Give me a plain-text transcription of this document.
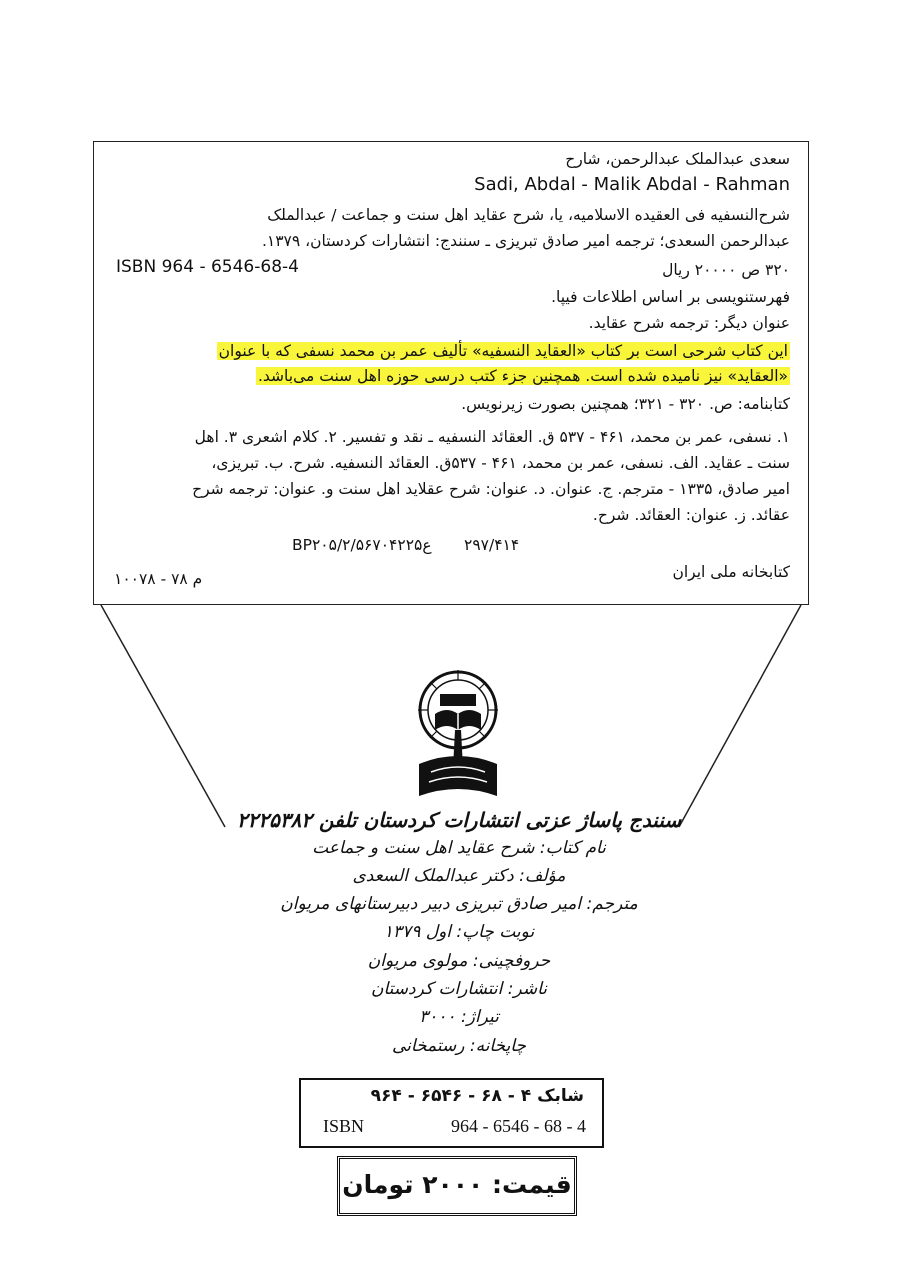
سعدی عبدالملک عبدالرحمن، شارح
Sadi, Abdal - Malik Abdal - Rahman
شرح‌النسفیه فی العقیده الاسلامیه، یا، شرح عقاید اهل سنت و جماعت / عبدالملک
عبدالرحمن السعدی؛ ترجمه امیر صادق تبریزی ـ سنندج: انتشارات کردستان، ۱۳۷۹.
ISBN 964 - 6546-68-4	۳۲۰ ص ۲۰۰۰۰ ریال
فهرستنویسی بر اساس اطلاعات فیپا.
عنوان دیگر: ترجمه شرح عقاید.
این کتاب شرحی است بر کتاب «العقاید النسفیه» تألیف عمر بن محمد نسفی که با عنوان
«العقاید» نیز نامیده شده است. همچنین جزء کتب درسی حوزه اهل سنت می‌باشد.
کتابنامه: ص. ۳۲۰ - ۳۲۱؛ همچنین بصورت زیرنویس.
۱. نسفی، عمر بن محمد، ۴۶۱ - ۵۳۷ ق. العقائد النسفیه ـ نقد و تفسیر. ۲. کلام اشعری ۳. اهل
سنت ـ عقاید. الف. نسفی، عمر بن محمد، ۴۶۱ - ۵۳۷ق. العقائد النسفیه. شرح. ب. تبریزی،
امیر صادق، ۱۳۳۵ - مترجم. ج. عنوان. د. عنوان: شرح عقلاید اهل سنت و. عنوان: ترجمه شرح
عقائد. ز. عنوان: العقائد. شرح.
BP۲۰۵/۲/۵۶ع۷۰۴۲۲۵ ۲۹۷/۴۱۴
کتابخانه ملی ایران
م ۷۸ - ۱۰۰۷۸
سنندج پاساژ عزتی انتشارات کردستان تلفن ۲۲۲۵۳۸۲
نام کتاب: شرح عقاید اهل سنت و جماعت
مؤلف: دکتر عبدالملک السعدی
مترجم: امیر صادق تبریزی دبیر دبیرستانهای مریوان
نوبت چاپ: اول ۱۳۷۹
حروفچینی: مولوی مریوان
ناشر: انتشارات کردستان
تیراژ: ۳۰۰۰
چاپخانه: رستمخانی
شابک ۴ - ۶۸ - ۶۵۴۶ - ۹۶۴
ISBN	964 - 6546 - 68 - 4
قیمت: ۲۰۰۰ تومان
